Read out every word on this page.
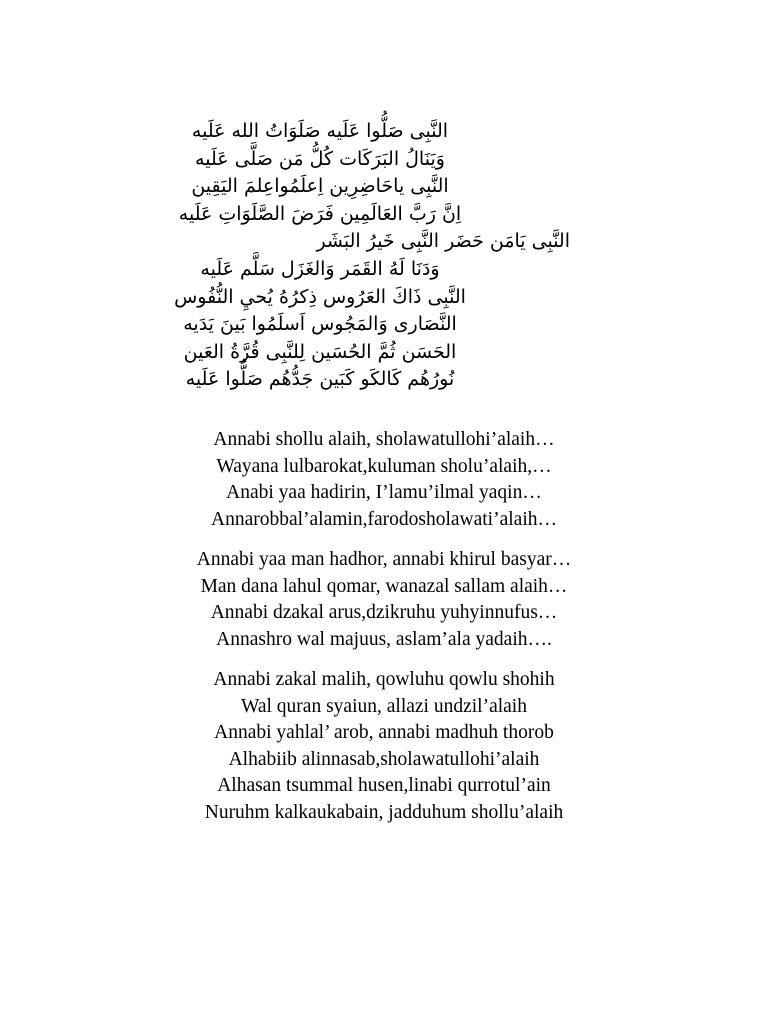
النَّبِى صَلُّوا عَلَيه صَلَوَاتُ الله عَلَيه
وَيَنَالُ البَرَكَات كُلُّ مَن صَلَّى عَلَيه
النَّبِى ياحَاضِرِين اِعلَمُواعِلمَ اليَقِين
اِنَّ رَبَّ العَالَمِين فَرَضَ الصَّلَوَاتِ عَلَيه
النَّبِى يَامَن حَضَر النَّبِى خَيرُ البَشَر
وَدَنَا لَهُ القَمَر وَالغَزَل سَلَّم عَلَيه
النَّبِى ذَاكَ العَرُوس ذِكرُهُ يُحيِ النُّفُوس
النَّصَارى وَالمَجُوس اَسلَمُوا بَينَ يَدَيه
الحَسَن ثُمَّ الحُسَين لِلنَّبِى قُرَّةُ العَين
نُورُهُم كَالكَو كَبَين جَدُّهُم صَلُّوا عَلَيه
Annabi shollu alaih, sholawatullohi’alaih…
Wayana lulbarokat,kuluman sholu’alaih,…
Anabi yaa hadirin, I’lamu’ilmal yaqin…
Annarobbal’alamin,farodosholawati’alaih…
Annabi yaa man hadhor, annabi khirul basyar…
Man dana lahul qomar, wanazal sallam alaih…
Annabi dzakal arus,dzikruhu yuhyinnufus…
Annashro wal majuus, aslam’ala yadaih….
Annabi zakal malih, qowluhu qowlu shohih
Wal quran syaiun, allazi undzil’alaih
Annabi yahlal’ arob, annabi madhuh thorob
Alhabiib alinnasab,sholawatullohi’alaih
Alhasan tsummal husen,linabi qurrotul’ain
Nuruhm kalkaukabain, jadduhum shollu’alaih
